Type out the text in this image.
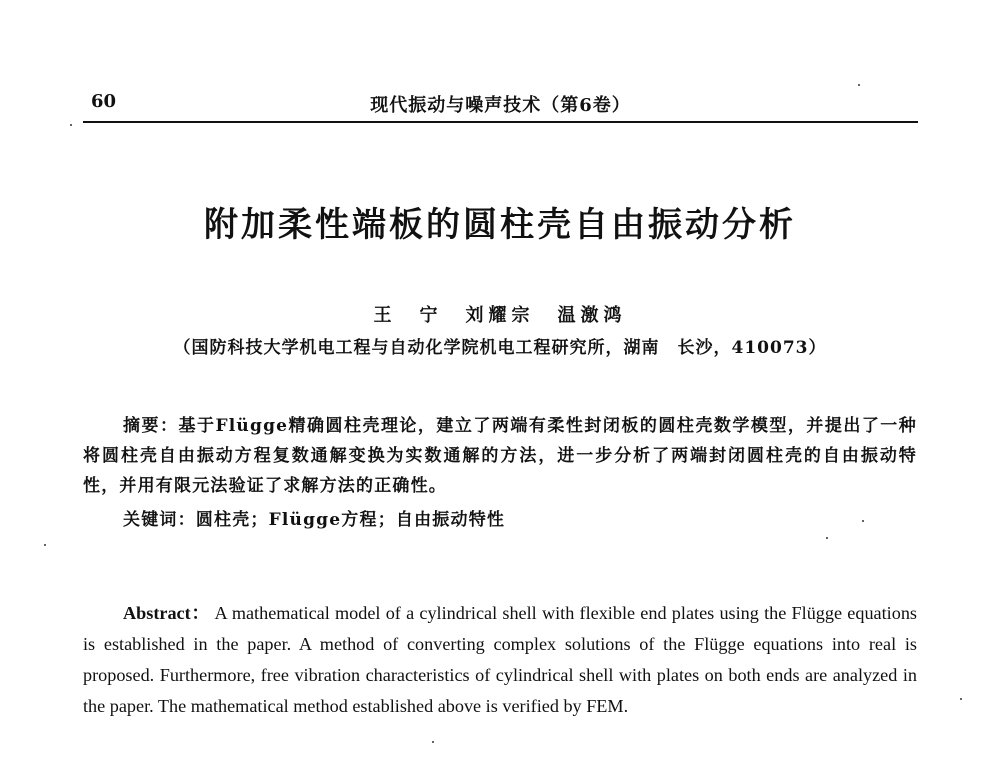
60	现代振动与噪声技术（第6卷）
附加柔性端板的圆柱壳自由振动分析
王　宁　刘耀宗　温激鸿
（国防科技大学机电工程与自动化学院机电工程研究所，湖南　长沙，410073）
摘要：基于Flügge精确圆柱壳理论，建立了两端有柔性封闭板的圆柱壳数学模型，并提出了一种将圆柱壳自由振动方程复数通解变换为实数通解的方法，进一步分析了两端封闭圆柱壳的自由振动特性，并用有限元法验证了求解方法的正确性。
关键词：圆柱壳；Flügge方程；自由振动特性
Abstract： A mathematical model of a cylindrical shell with flexible end plates using the Flügge equations is established in the paper. A method of converting complex solutions of the Flügge equations into real is proposed. Furthermore, free vibration characteristics of cylindrical shell with plates on both ends are analyzed in the paper. The mathematical method established above is verified by FEM.
